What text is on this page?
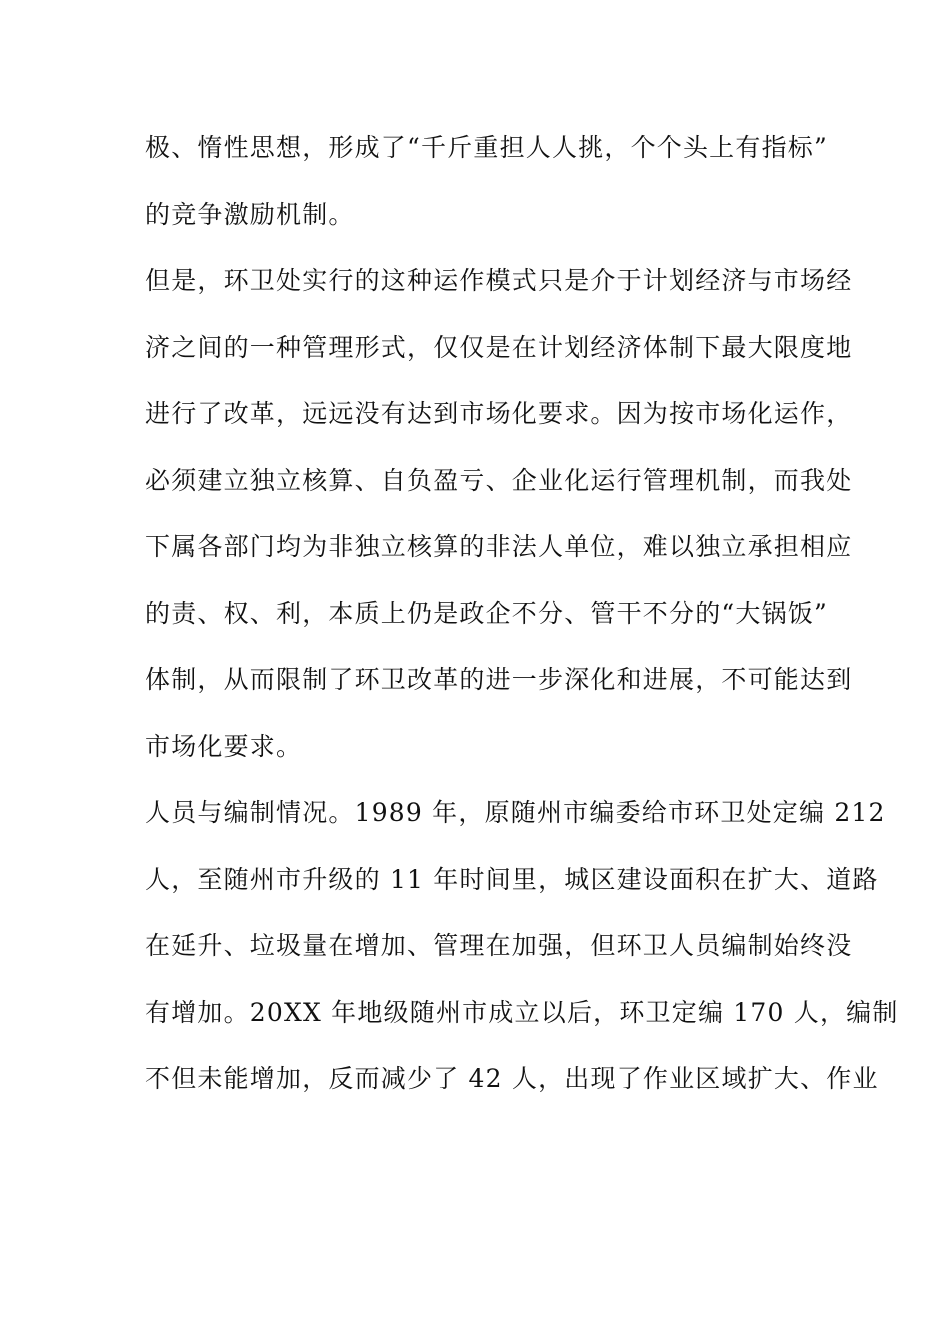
极、惰性思想，形成了“千斤重担人人挑，个个头上有指标”
的竞争激励机制。
但是，环卫处实行的这种运作模式只是介于计划经济与市场经
济之间的一种管理形式，仅仅是在计划经济体制下最大限度地
进行了改革，远远没有达到市场化要求。因为按市场化运作，
必须建立独立核算、自负盈亏、企业化运行管理机制，而我处
下属各部门均为非独立核算的非法人单位，难以独立承担相应
的责、权、利，本质上仍是政企不分、管干不分的“大锅饭”
体制，从而限制了环卫改革的进一步深化和进展，不可能达到
市场化要求。
人员与编制情况。1989 年，原随州市编委给市环卫处定编 212
人，至随州市升级的 11 年时间里，城区建设面积在扩大、道路
在延升、垃圾量在增加、管理在加强，但环卫人员编制始终没
有增加。20XX 年地级随州市成立以后，环卫定编 170 人，编制
不但未能增加，反而减少了 42 人，出现了作业区域扩大、作业
